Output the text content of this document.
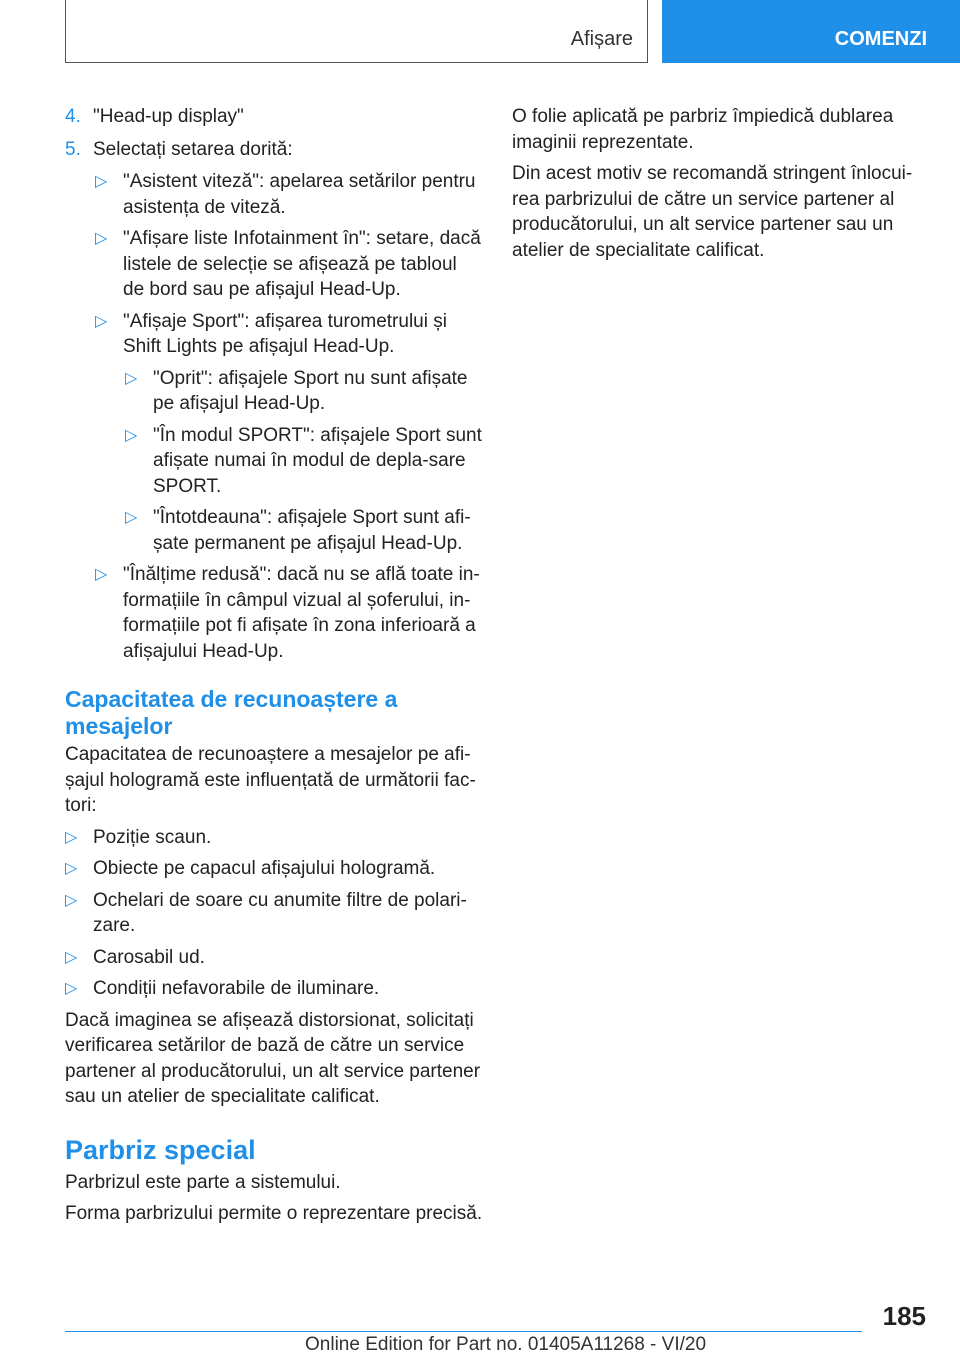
Afișare	COMENZI
4. "Head-up display"
5. Selectați setarea dorită:
▷ "Asistent viteză": apelarea setărilor pentru asistența de viteză.
▷ "Afișare liste Infotainment în": setare, dacă listele de selecție se afișează pe tabloul de bord sau pe afișajul Head-Up.
▷ "Afișaje Sport": afișarea turometrului și Shift Lights pe afișajul Head-Up.
▷ "Oprit": afișajele Sport nu sunt afișate pe afișajul Head-Up.
▷ "În modul SPORT": afișajele Sport sunt afișate numai în modul de depla-sare SPORT.
▷ "Întotdeauna": afișajele Sport sunt afi-șate permanent pe afișajul Head-Up.
▷ "Înălțime redusă": dacă nu se află toate in-formațiile în câmpul vizual al șoferului, in-formațiile pot fi afișate în zona inferioară a afișajului Head-Up.
Capacitatea de recunoaștere a mesajelor

Capacitatea de recunoaștere a mesajelor pe afi-șajul hologramă este influențată de următorii fac-tori:

▷ Poziție scaun.
▷ Obiecte pe capacul afișajului hologramă.
▷ Ochelari de soare cu anumite filtre de polari-zare.
▷ Carosabil ud.
▷ Condiții nefavorabile de iluminare.

Dacă imaginea se afișează distorsionat, solicitați verificarea setărilor de bază de către un service partener al producătorului, un alt service partener sau un atelier de specialitate calificat.

Parbriz special

Parbrizul este parte a sistemului.

Forma parbrizului permite o reprezentare precisă.

O folie aplicată pe parbriz împiedică dublarea imaginii reprezentate.

Din acest motiv se recomandă stringent înlocui-rea parbrizului de către un service partener al producătorului, un alt service partener sau un atelier de specialitate calificat.

185
Online Edition for Part no. 01405A11268 - VI/20
